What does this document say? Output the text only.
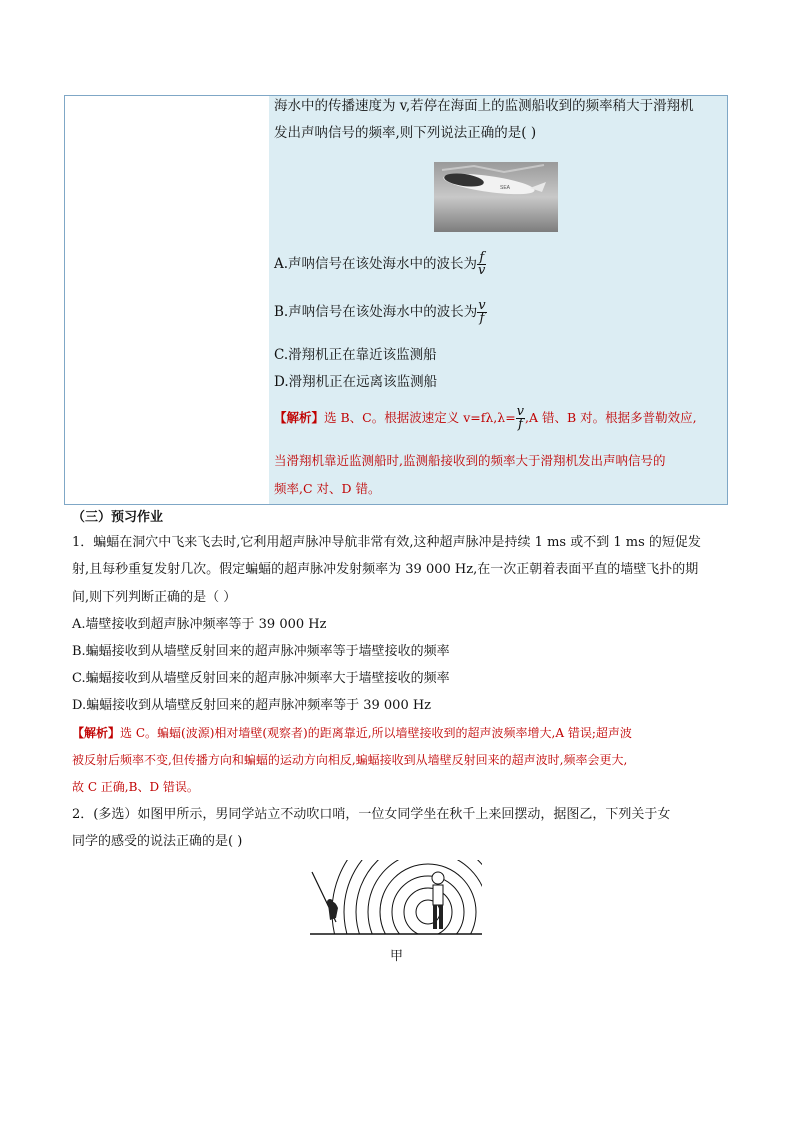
海水中的传播速度为 v,若停在海面上的监测船收到的频率稍大于滑翔机
发出声呐信号的频率,则下列说法正确的是( )
SEA
A.声呐信号在该处海水中的波长为 $\frac{f}{v}$
B.声呐信号在该处海水中的波长为 $\frac{v}{f}$
C.滑翔机正在靠近该监测船
D.滑翔机正在远离该监测船
【解析】选 B、C。根据波速定义 $v=f\lambda,\lambda= \frac{v}{f} ,A$ 错、B 对。根据多普勒效应,
当滑翔机靠近监测船时,监测船接收到的频率大于滑翔机发出声呐信号的
频率,C 对、D 错。
（三）预习作业
1．蝙蝠在洞穴中飞来飞去时,它利用超声脉冲导航非常有效,这种超声脉冲是持续 1 ms 或不到 1 ms 的短促发
射,且每秒重复发射几次。假定蝙蝠的超声脉冲发射频率为 39 000 Hz,在一次正朝着表面平直的墙壁飞扑的期
间,则下列判断正确的是（ ）
A.墙壁接收到超声脉冲频率等于 39 000 Hz
B.蝙蝠接收到从墙壁反射回来的超声脉冲频率等于墙壁接收的频率
C.蝙蝠接收到从墙壁反射回来的超声脉冲频率大于墙壁接收的频率
D.蝙蝠接收到从墙壁反射回来的超声脉冲频率等于 39 000 Hz
【解析】选 C。蝙蝠(波源)相对墙壁(观察者)的距离靠近,所以墙壁接收到的超声波频率增大,A 错误;超声波
被反射后频率不变,但传播方向和蝙蝠的运动方向相反,蝙蝠接收到从墙壁反射回来的超声波时,频率会更大,
故 C 正确,B、D 错误。
2．(多选）如图甲所示，男同学站立不动吹口哨，一位女同学坐在秋千上来回摆动，据图乙，下列关于女
同学的感受的说法正确的是( )
甲
